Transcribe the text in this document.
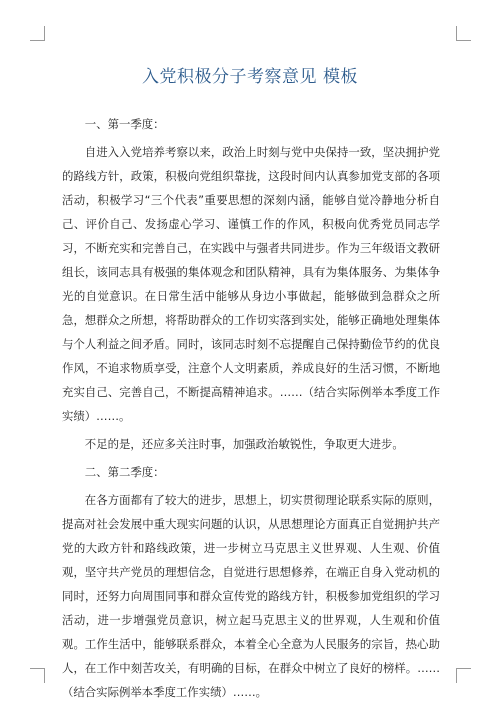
入党积极分子考察意见 模板

一、第一季度：

自进入入党培养考察以来，政治上时刻与党中央保持一致，坚决拥护党的路线方针，政策，积极向党组织靠拢，这段时间内认真参加党支部的各项活动，积极学习“三个代表”重要思想的深刻内涵，能够自觉冷静地分析自己、评价自己、发扬虚心学习、谨慎工作的作风，积极向优秀党员同志学习，不断充实和完善自己，在实践中与强者共同进步。作为三年级语文教研组长，该同志具有极强的集体观念和团队精神，具有为集体服务、为集体争光的自觉意识。在日常生活中能够从身边小事做起，能够做到急群众之所急，想群众之所想，将帮助群众的工作切实落到实处，能够正确地处理集体与个人利益之间矛盾。同时，该同志时刻不忘提醒自己保持勤俭节约的优良作风，不追求物质享受，注意个人文明素质，养成良好的生活习惯，不断地充实自己、完善自己，不断提高精神追求。……（结合实际例举本季度工作实绩）……。

不足的是，还应多关注时事，加强政治敏锐性，争取更大进步。

二、第二季度：

在各方面都有了较大的进步，思想上，切实贯彻理论联系实际的原则，提高对社会发展中重大现实问题的认识，从思想理论方面真正自觉拥护共产党的大政方针和路线政策，进一步树立马克思主义世界观、人生观、价值观，坚守共产党员的理想信念，自觉进行思想修养，在端正自身入党动机的同时，还努力向周围同事和群众宣传党的路线方针，积极参加党组织的学习活动，进一步增强党员意识，树立起马克思主义的世界观，人生观和价值观。工作生活中，能够联系群众，本着全心全意为人民服务的宗旨，热心助人，在工作中刻苦攻关，有明确的目标，在群众中树立了良好的榜样。……（结合实际例举本季度工作实绩）……。
